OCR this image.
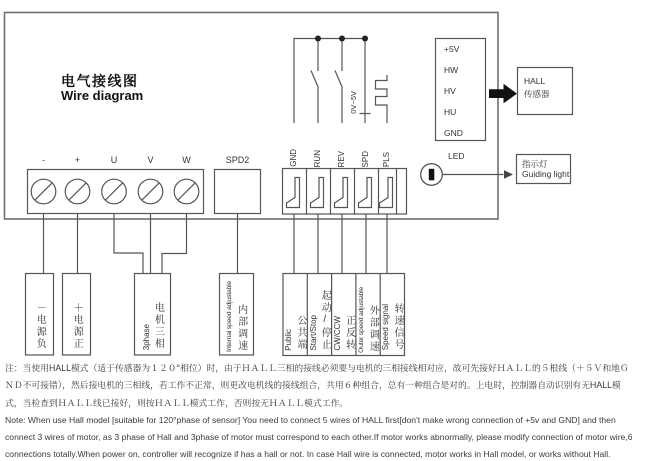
电气接线图
Wire diagram
-	+	U	V	W	SPD2	GND RUN REV SPD PLS
0V~5V
+5V
HW
HV
HU
GND
HALL
传感器
LED
指示灯
Guiding light
－电源负	＋电源正	3phase 电机三相	Internal speed adjustable 内部调速	Public 公共端 Start/Stop 起动/停止 CW/CCW 正反转 Outer speed adjustable 外部调速 Speed signal 转速信号
注：当使用HALL模式（适于传感器为１２０°相位）时，由于ＨＡＬＬ三相的接线必须要与电机的三相接线相对应，故可先接好ＨＡＬＬ的５根线（＋５Ｖ和地Ｇ
ＮＤ不可接错），然后接电机的三相线，若工作不正常，则更改电机线的接线组合，共用６种组合，总有一种组合是对的。上电时，控制器自动识别有无HALL模
式，当检查到ＨＡＬＬ线已接好，则按ＨＡＬＬ模式工作，否则按无ＨＡＬＬ模式工作。
Note: When use Hall model [suitable for 120°phase of sensor] You need to connect 5 wires of HALL first[don't make wrong connection of +5v and GND] and then
connect 3 wires of motor, as 3 phase of Hall and 3phase of motor must correspond to each other.If motor works abnormally, please modify connection of motor wire,6
connections totally.When power on, controller will recognize if has a hall or not. In case Hall wire is connected, motor works in Hall model, or works without Hall.
